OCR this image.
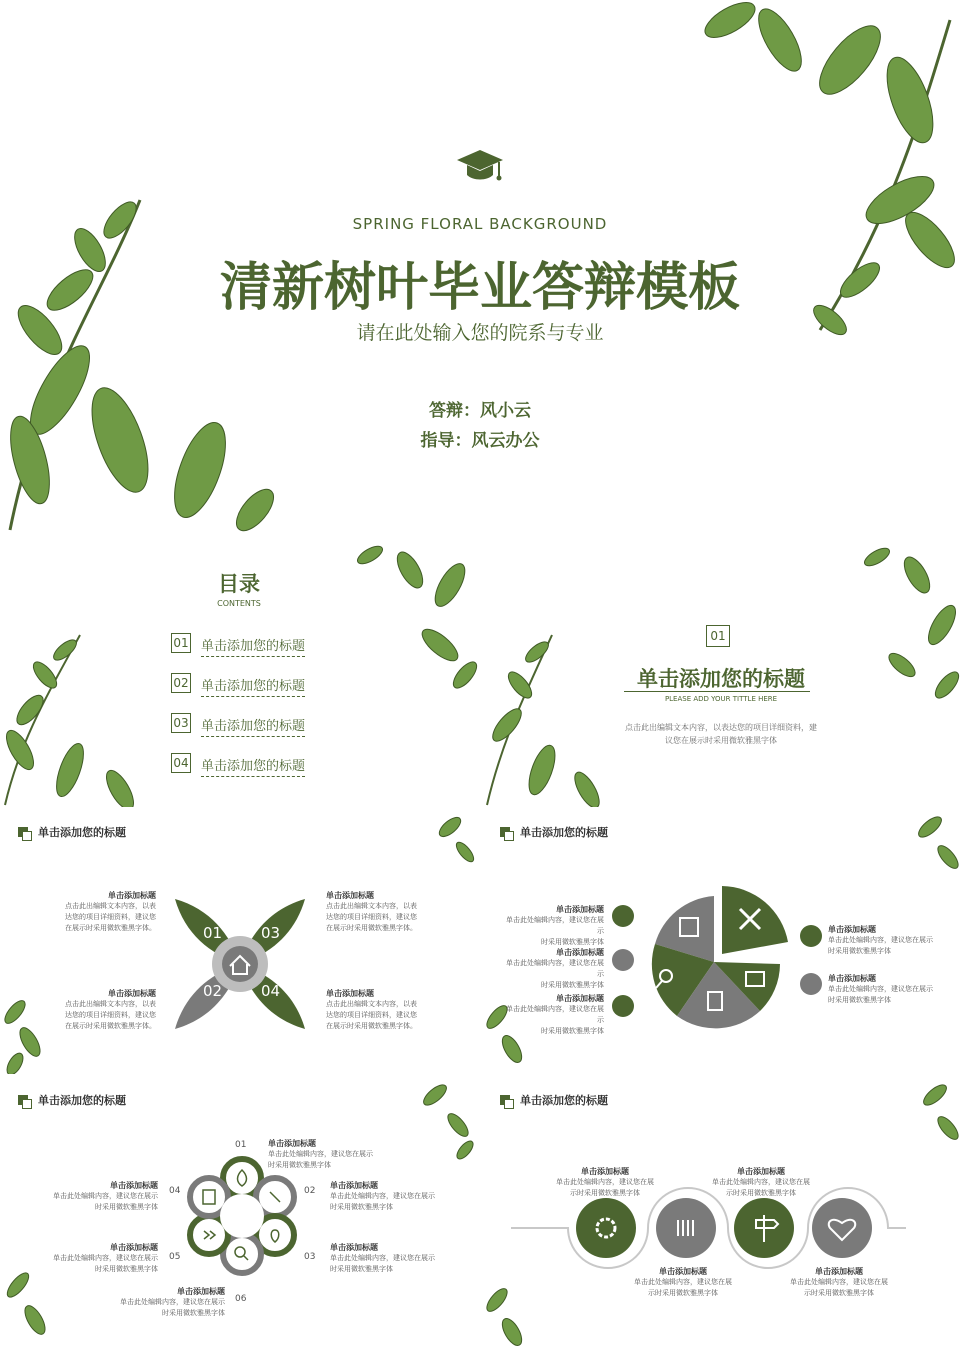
SPRING FLORAL BACKGROUND
清新树叶毕业答辩模板
请在此处输入您的院系与专业
答辩：风小云
指导：风云办公
目录
CONTENTS
01 单击添加您的标题
02 单击添加您的标题
03 单击添加您的标题
04 单击添加您的标题
01
单击添加您的标题
PLEASE ADD YOUR TITTLE HERE
点击此出编辑文本内容，以表达您的项目详细资料，建
议您在展示时采用微软雅黑字体
单击添加您的标题
01
02
03
04
单击添加标题
点击此出编辑文本内容，以表
达您的项目详细资料，建议您
在展示时采用微软雅黑字体。
单击添加标题
点击此出编辑文本内容，以表
达您的项目详细资料，建议您
在展示时采用微软雅黑字体。
单击添加标题
点击此出编辑文本内容，以表
达您的项目详细资料，建议您
在展示时采用微软雅黑字体。
单击添加标题
点击此出编辑文本内容，以表
达您的项目详细资料，建议您
在展示时采用微软雅黑字体。
单击添加您的标题
单击添加标题
单击此处编辑内容，建议您在展示
时采用微软雅黑字体
单击添加标题
单击此处编辑内容，建议您在展示
时采用微软雅黑字体
单击添加标题
单击此处编辑内容，建议您在展示
时采用微软雅黑字体
单击添加标题
单击此处编辑内容，建议您在展示
时采用微软雅黑字体
单击添加标题
单击此处编辑内容，建议您在展示
时采用微软雅黑字体
单击添加您的标题
01
02
03
04
05
06
单击添加标题
单击此处编辑内容，建议您在展示
时采用微软雅黑字体
单击添加标题
单击此处编辑内容，建议您在展示
时采用微软雅黑字体
单击添加标题
单击此处编辑内容，建议您在展示
时采用微软雅黑字体
单击添加标题
单击此处编辑内容，建议您在展示
时采用微软雅黑字体
单击添加标题
单击此处编辑内容，建议您在展示
时采用微软雅黑字体
单击添加标题
单击此处编辑内容，建议您在展示
时采用微软雅黑字体
单击添加您的标题
单击添加标题
单击此处编辑内容，建议您在展
示时采用微软雅黑字体
单击添加标题
单击此处编辑内容，建议您在展
示时采用微软雅黑字体
单击添加标题
单击此处编辑内容，建议您在展
示时采用微软雅黑字体
单击添加标题
单击此处编辑内容，建议您在展
示时采用微软雅黑字体
